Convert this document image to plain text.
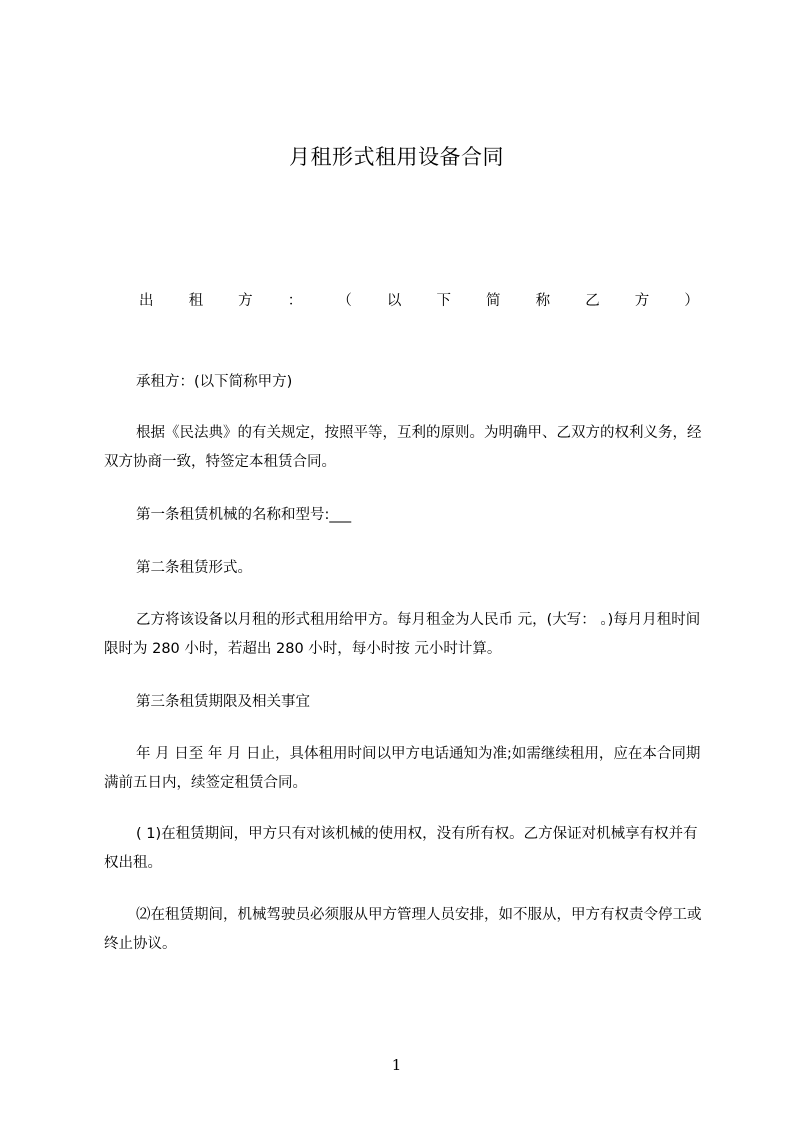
月租形式租用设备合同
出 租 方 ： （ 以 下 简 称 乙 方 ）

承租方：(以下简称甲方)

根据《民法典》的有关规定，按照平等，互利的原则。为明确甲、乙双方的权利义务，经双方协商一致，特签定本租赁合同。

第一条租赁机械的名称和型号:___

第二条租赁形式。

乙方将该设备以月租的形式租用给甲方。每月租金为人民币 元，(大写： 。)每月月租时间限时为 280 小时，若超出 280 小时，每小时按 元小时计算。

第三条租赁期限及相关事宜

年 月 日至 年 月 日止，具体租用时间以甲方电话通知为准;如需继续租用，应在本合同期满前五日内，续签定租赁合同。

( 1)在租赁期间，甲方只有对该机械的使用权，没有所有权。乙方保证对机械享有权并有权出租。

⑵在租赁期间，机械驾驶员必须服从甲方管理人员安排，如不服从，甲方有权责令停工或终止协议。

1
